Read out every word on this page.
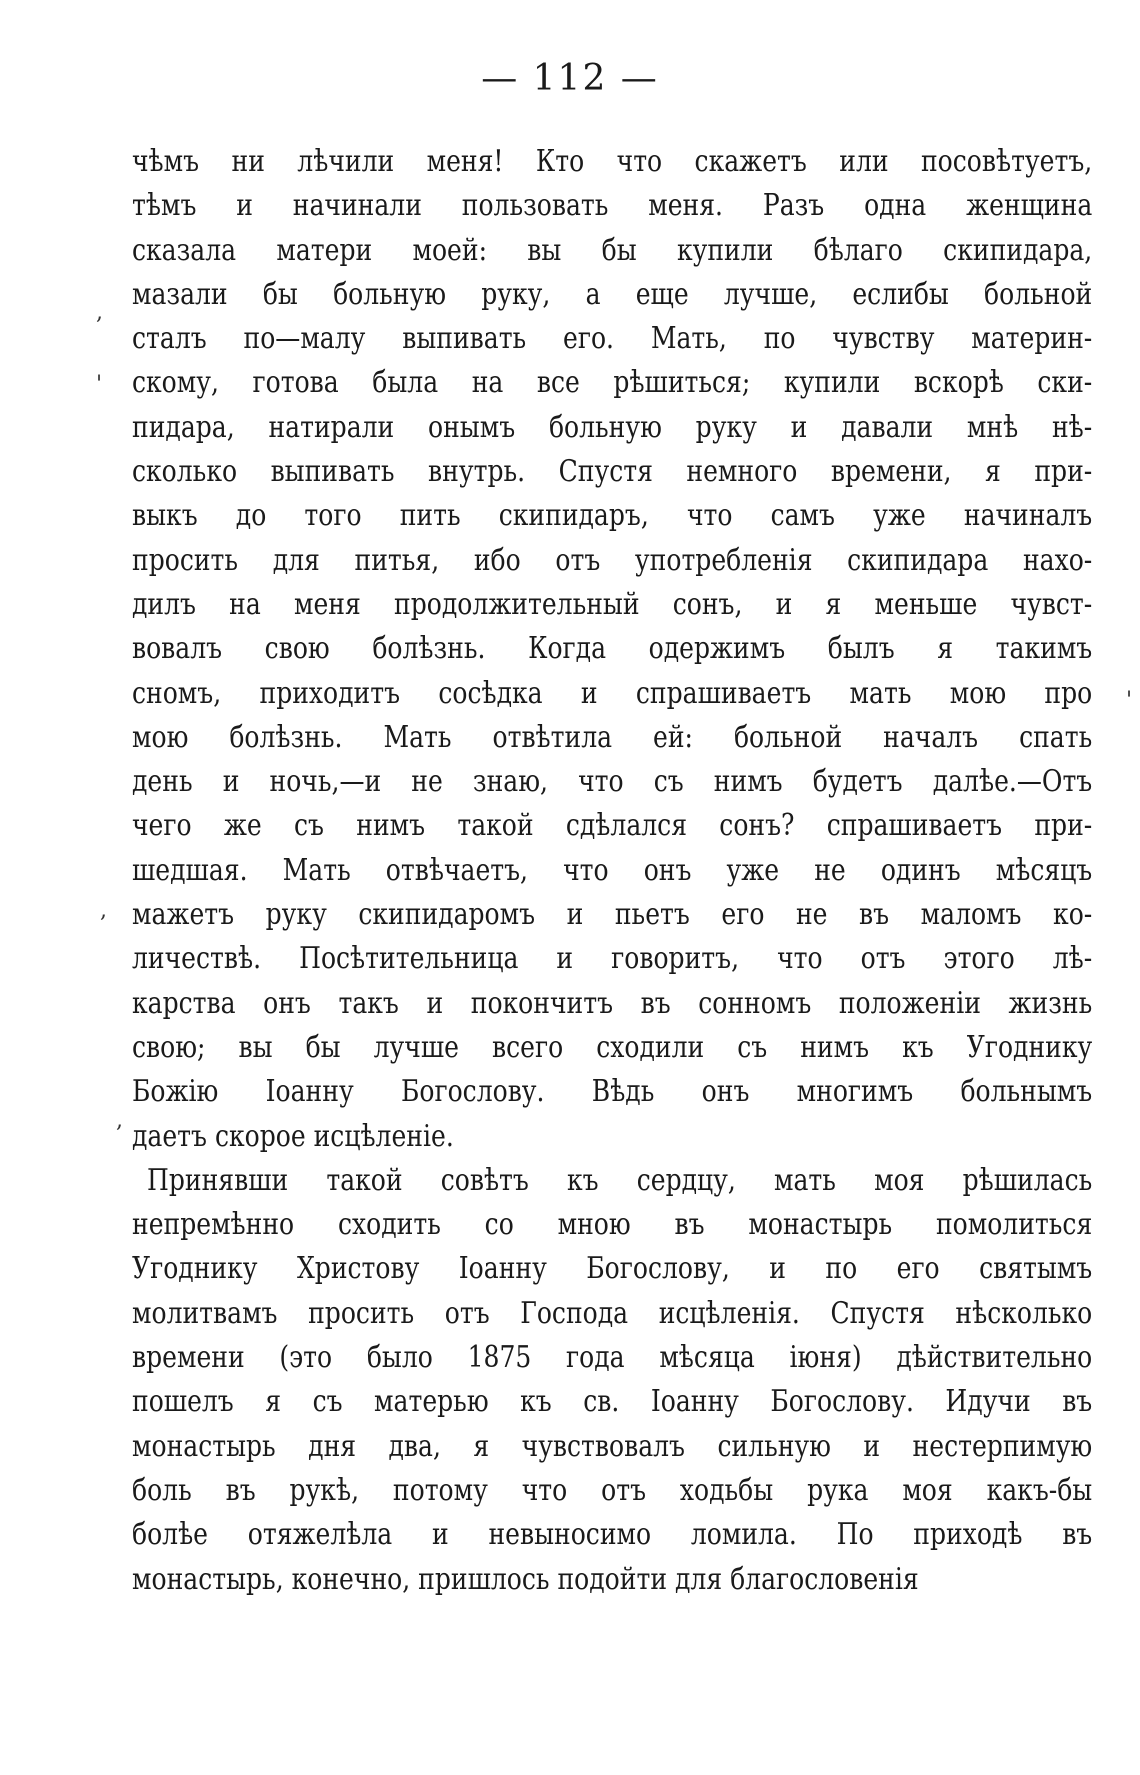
— 112 —
чѣмъ ни лѣчили меня! Кто что скажетъ или посовѣтуетъ,
тѣмъ и начинали пользовать меня. Разъ одна женщина
сказала матери моей: вы бы купили бѣлаго скипидара,
мазали бы больную руку, а еще лучше, еслибы больной
сталъ по—малу выпивать его. Мать, по чувству материн-
скому, готова была на все рѣшиться; купили вскорѣ ски-
пидара, натирали онымъ больную руку и давали мнѣ нѣ-
сколько выпивать внутрь. Спустя немного времени, я при-
выкъ до того пить скипидаръ, что самъ уже начиналъ
просить для питья, ибо отъ употребленія скипидара нахо-
дилъ на меня продолжительный сонъ, и я меньше чувст-
вовалъ свою болѣзнь. Когда одержимъ былъ я такимъ
сномъ, приходитъ сосѣдка и спрашиваетъ мать мою про
мою болѣзнь. Мать отвѣтила ей: больной началъ спать
день и ночь,—и не знаю, что съ нимъ будетъ далѣе.—Отъ
чего же съ нимъ такой сдѣлался сонъ? спрашиваетъ при-
шедшая. Мать отвѣчаетъ, что онъ уже не одинъ мѣсяцъ
мажетъ руку скипидаромъ и пьетъ его не въ маломъ ко-
личествѣ. Посѣтительница и говоритъ, что отъ этого лѣ-
карства онъ такъ и покончитъ въ сонномъ положеніи жизнь
свою; вы бы лучше всего сходили съ нимъ къ Угоднику
Божію Іоанну Богослову. Вѣдь онъ многимъ больнымъ
даетъ скорое исцѣленіе.
Принявши такой совѣтъ къ сердцу, мать моя рѣшилась
непремѣнно сходить со мною въ монастырь помолиться
Угоднику Христову Іоанну Богослову, и по его святымъ
молитвамъ просить отъ Господа исцѣленія. Спустя нѣсколько
времени (это было 1875 года мѣсяца іюня) дѣйствительно
пошелъ я съ матерью къ св. Іоанну Богослову. Идучи въ
монастырь дня два, я чувствовалъ сильную и нестерпимую
боль въ рукѣ, потому что отъ ходьбы рука моя какъ-бы
болѣе отяжелѣла и невыносимо ломила. По приходѣ въ
монастырь, конечно, пришлось подойти для благословенія
,
'
'
,
,
